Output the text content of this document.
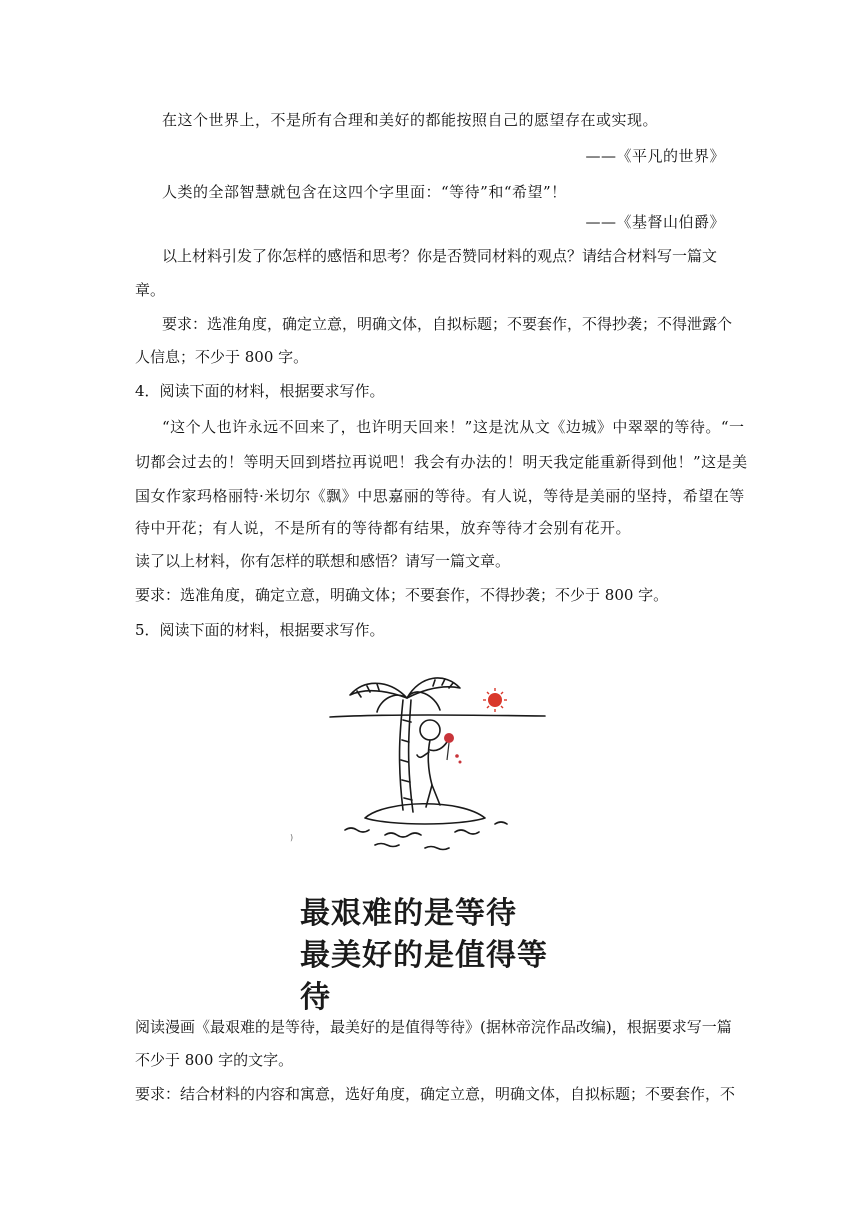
在这个世界上，不是所有合理和美好的都能按照自己的愿望存在或实现。
——《平凡的世界》
人类的全部智慧就包含在这四个字里面：“等待”和“希望”！
——《基督山伯爵》
以上材料引发了你怎样的感悟和思考？你是否赞同材料的观点？请结合材料写一篇文
章。
要求：选准角度，确定立意，明确文体，自拟标题；不要套作，不得抄袭；不得泄露个
人信息；不少于 800 字。
4．阅读下面的材料，根据要求写作。
“这个人也许永远不回来了，也许明天回来！”这是沈从文《边城》中翠翠的等待。“一
切都会过去的！等明天回到塔拉再说吧！我会有办法的！明天我定能重新得到他！”这是美
国女作家玛格丽特·米切尔《飘》中思嘉丽的等待。有人说，等待是美丽的坚持，希望在等
待中开花；有人说，不是所有的等待都有结果，放弃等待才会别有花开。
读了以上材料，你有怎样的联想和感悟？请写一篇文章。
要求：选准角度，确定立意，明确文体；不要套作，不得抄袭；不少于 800 字。
5．阅读下面的材料，根据要求写作。
)
最艰难的是等待
最美好的是值得等待
阅读漫画《最艰难的是等待，最美好的是值得等待》(据林帝浣作品改编)，根据要求写一篇
不少于 800 字的文字。
要求：结合材料的内容和寓意，选好角度，确定立意，明确文体，自拟标题；不要套作，不
